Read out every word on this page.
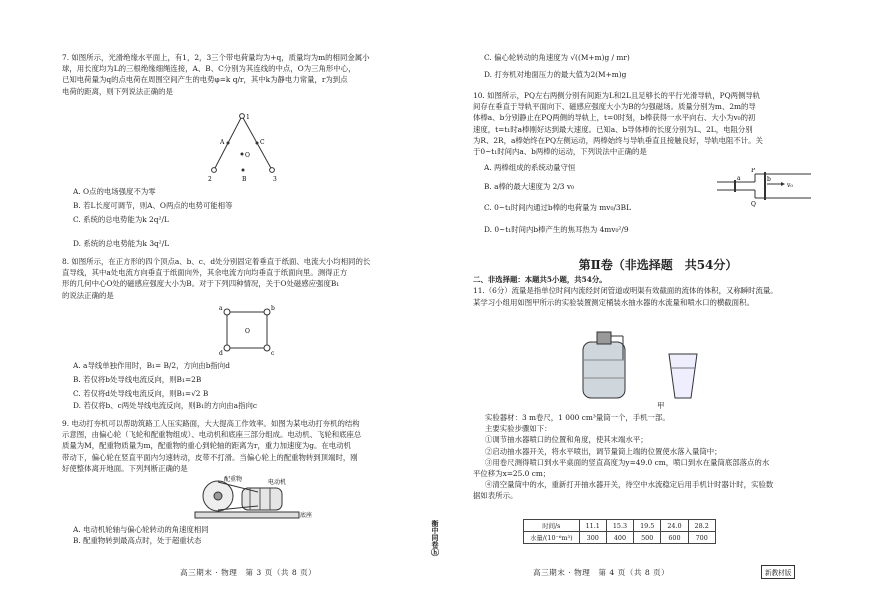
7. 如图所示，光滑绝缘水平面上，有1，2，3三个带电荷量均为+q，质量均为m的相同金属小

球，用长度均为L的三根绝缘细绳连接，A、B、C分别为其连线的中点，O为三角形中心，

已知电荷量为q的点电荷在周围空间产生的电势φ=k q/r，其中k为静电力常量，r为到点

电荷的距离，则下列说法正确的是

1
2	3
A
B
C
O

A. O点的电场强度不为零

B. 若L长度可调节，则A、O两点的电势可能相等

C. 系统的总电势能为k 2q²/L

D. 系统的总电势能为k 3q²/L

8. 如图所示，在正方形的四个顶点a、b、c、d处分别固定着垂直于纸面、电流大小均相同的长

直导线，其中a处电流方向垂直于纸面向外，其余电流方向均垂直于纸面向里。测得正方

形的几何中心O处的磁感应强度大小为B。对于下列四种情况，关于O处磁感应强度B₁

的说法正确的是

a	b
c
d
O

A. a导线单独作用时，B₁= B/2，方向由b指向d

B. 若仅将b处导线电流反向，则B₁=2B

C. 若仅将d处导线电流反向，则B₁=√2 B

D. 若仅将b、c两处导线电流反向，则B₁的方向由a指向c

9. 电动打夯机可以帮助筑路工人压实路面，大大提高工作效率。如图为某电动打夯机的结构

示意图，由偏心轮（飞轮和配重物组成）、电动机和底座三部分组成。电动机、飞轮和底座总

质量为M，配重物质量为m，配重物的重心到轮轴的距离为r，重力加速度为g。在电动机

带动下，偏心轮在竖直平面内匀速转动，皮带不打滑。当偏心轮上的配重物转到顶端时，刚

好使整体离开地面。下列判断正确的是

配重物	电动机
底座

A. 电动机轮轴与偏心轮转动的角速度相同

B. 配重物转到最高点时，处于超重状态

高三期末 · 物理　第 3 页（共 8 页）
衡中同卷
ⓗ

C. 偏心轮转动的角速度为 √((M+m)g / mr)

D. 打夯机对地面压力的最大值为2(M+m)g

10. 如图所示，PQ左右两侧分别有间距为L和2L且足够长的平行光滑导轨，PQ两侧导轨

间存在垂直于导轨平面向下、磁感应强度大小为B的匀强磁场。质量分别为m、2m的导

体棒a、b分别静止在PQ两侧的导轨上，t=0时刻，b棒获得一水平向右、大小为v₀的初

速度，t=t₁时a棒刚好达到最大速度。已知a、b导体棒的长度分别为L、2L，电阻分别

为R、2R，a棒始终在PQ左侧运动，两棒始终与导轨垂直且接触良好，导轨电阻不计。关

于0~t₁时间内a、b两棒的运动，下列说法中正确的是

A. 两棒组成的系统动量守恒

B. a棒的最大速度为 2/3 v₀

C. 0~t₁时间内通过b棒的电荷量为 mv₀/3BL

D. 0~t₁时间内b棒产生的焦耳热为 4mv₀²/9

P
Q
a	b
v₀
第Ⅱ卷（非选择题　共54分）

二、非选择题：本题共5小题，共54分。

11.（6分）流量是指单位时间内流经封闭管道或明渠有效截面的流体的体积，又称瞬时流量。

某学习小组用如图甲所示的实验装置测定桶装水抽水器的水流量和喷水口的横截面积。

甲

实验器材：3 m卷尺，1 000 cm³量筒一个，手机一部。

主要实验步骤如下：

①调节抽水器喷口的位置和角度，使其末端水平；

②启动抽水器开关，将水平喷出，调节量筒上端的位置使水落入量筒中；

③用卷尺测得喷口到水平桌面的竖直高度为y=49.0 cm，喷口到水在量筒底部落点的水

平位移为x=25.0 cm；

④清空量筒中的水，重新打开抽水器开关，待空中水流稳定后用手机计时器计时，实验数

据如表所示。

时间/s	11.1	15.3	19.5	24.0	28.2
水量/(10⁻⁶m³)	300	400	500	600	700
高三期末 · 物理　第 4 页（共 8 页）	新教材版
